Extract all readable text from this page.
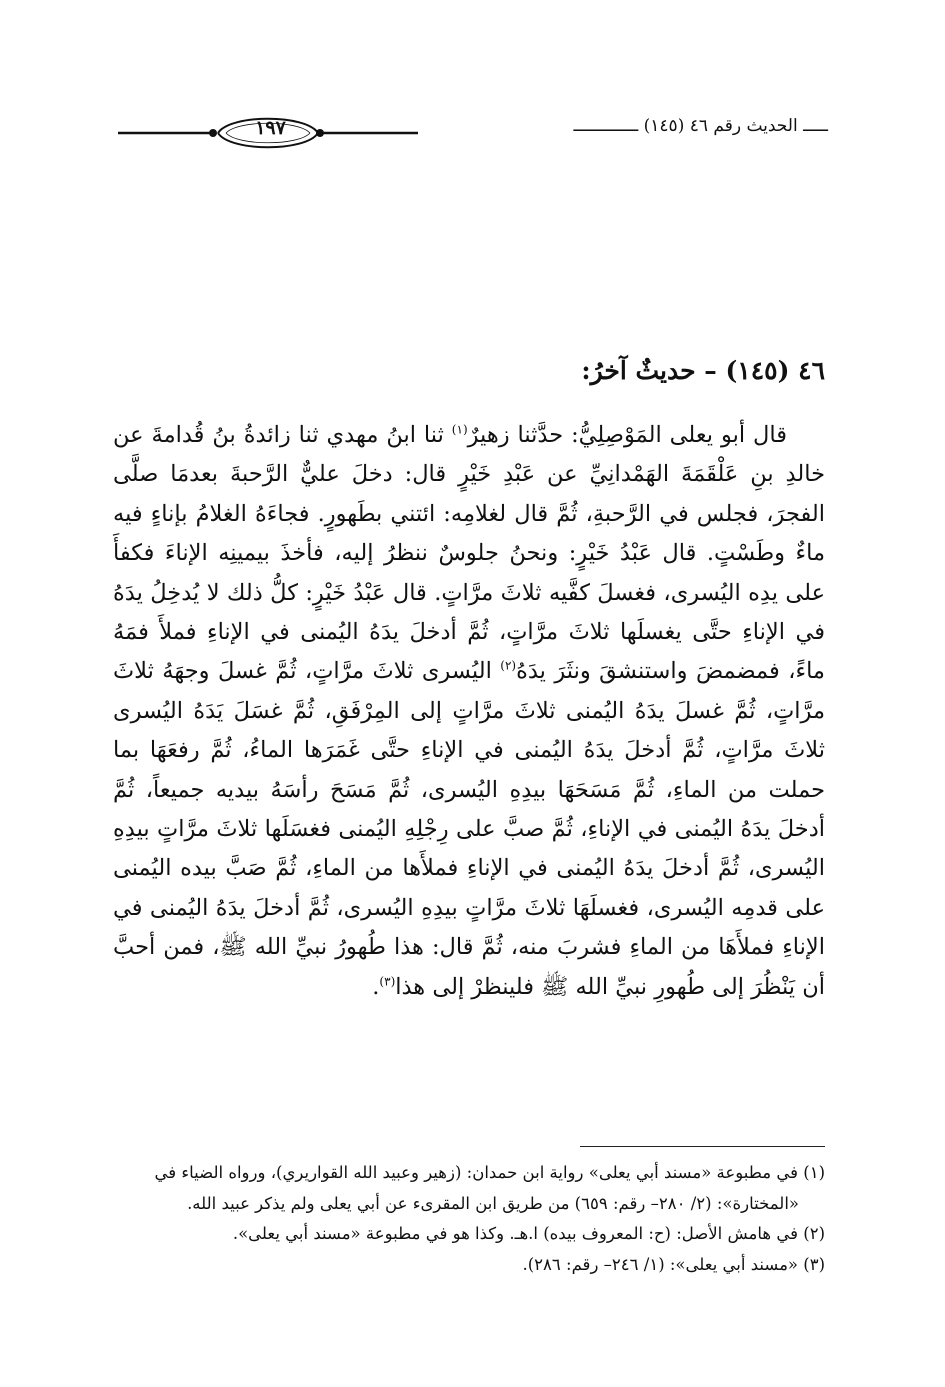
ـــــ الحديث رقم ٤٦ (١٤٥) ـــــــــــــ
١٩٧
٤٦ (١٤٥) – حديثٌ آخرُ:

قال أبو يعلى المَوْصِلِيُّ: حدَّثنا زهيرٌ$^{(١)}$ ثنا ابنُ مهدي ثنا زائدةُ بنُ قُدامةَ عن خالدِ بنِ عَلْقَمَةَ الهَمْدانِيِّ عن عَبْدِ خَيْرٍ قال: دخلَ عليٌّ الرَّحبةَ بعدمَا صلَّى الفجرَ، فجلس في الرَّحبةِ، ثُمَّ قال لغلامِه: ائتني بطَهورٍ. فجاءَهُ الغلامُ بإناءٍ فيه ماءٌ وطَسْتٍ. قال عَبْدُ خَيْرٍ: ونحنُ جلوسٌ ننظرُ إليه، فأخذَ بيمينِه الإناءَ فكفأَ على يدِه اليُسرى، فغسلَ كفَّيه ثلاثَ مرَّاتٍ. قال عَبْدُ خَيْرٍ: كلُّ ذلك لا يُدخِلُ يدَهُ في الإناءِ حتَّى يغسلَها ثلاثَ مرَّاتٍ، ثُمَّ أدخلَ يدَهُ اليُمنى في الإناءِ فملأَ فمَهُ ماءً، فمضمضَ واستنشقَ ونثَرَ يدَهُ$^{(٢)}$ اليُسرى ثلاثَ مرَّاتٍ، ثُمَّ غسلَ وجهَهُ ثلاثَ مرَّاتٍ، ثُمَّ غسلَ يدَهُ اليُمنى ثلاثَ مرَّاتٍ إلى المِرْفَقِ، ثُمَّ غسَلَ يَدَهُ اليُسرى ثلاثَ مرَّاتٍ، ثُمَّ أدخلَ يدَهُ اليُمنى في الإناءِ حتَّى غَمَرَها الماءُ، ثُمَّ رفعَهَا بما حملت من الماءِ، ثُمَّ مَسَحَهَا بيدِهِ اليُسرى، ثُمَّ مَسَحَ رأسَهُ بيديه جميعاً، ثُمَّ أدخلَ يدَهُ اليُمنى في الإناءِ، ثُمَّ صبَّ على رِجْلِهِ اليُمنى فغسَلَها ثلاثَ مرَّاتٍ بيدِهِ اليُسرى، ثُمَّ أدخلَ يدَهُ اليُمنى في الإناءِ فملأَها من الماءِ، ثُمَّ صَبَّ بيده اليُمنى على قدمِه اليُسرى، فغسلَهَا ثلاثَ مرَّاتٍ بيدِهِ اليُسرى، ثُمَّ أدخلَ يدَهُ اليُمنى في الإناءِ فملأَهَا من الماءِ فشربَ منه، ثُمَّ قال: هذا طُهورُ نبيِّ الله ﷺ، فمن أحبَّ أن يَنْظُرَ إلى طُهورِ نبيِّ الله ﷺ فلينظرْ إلى هذا$^{(٣)}$.

(١) في مطبوعة «مسند أبي يعلى» رواية ابن حمدان: (زهير وعبيد الله القواريري)، ورواه الضياء في
«المختارة»: (٢/ ٢٨٠– رقم: ٦٥٩) من طريق ابن المقرىء عن أبي يعلى ولم يذكر عبيد الله.

(٢) في هامش الأصل: (ح: المعروف بيده) ا.هـ. وكذا هو في مطبوعة «مسند أبي يعلى».

(٣) «مسند أبي يعلى»: (١/ ٢٤٦– رقم: ٢٨٦).
